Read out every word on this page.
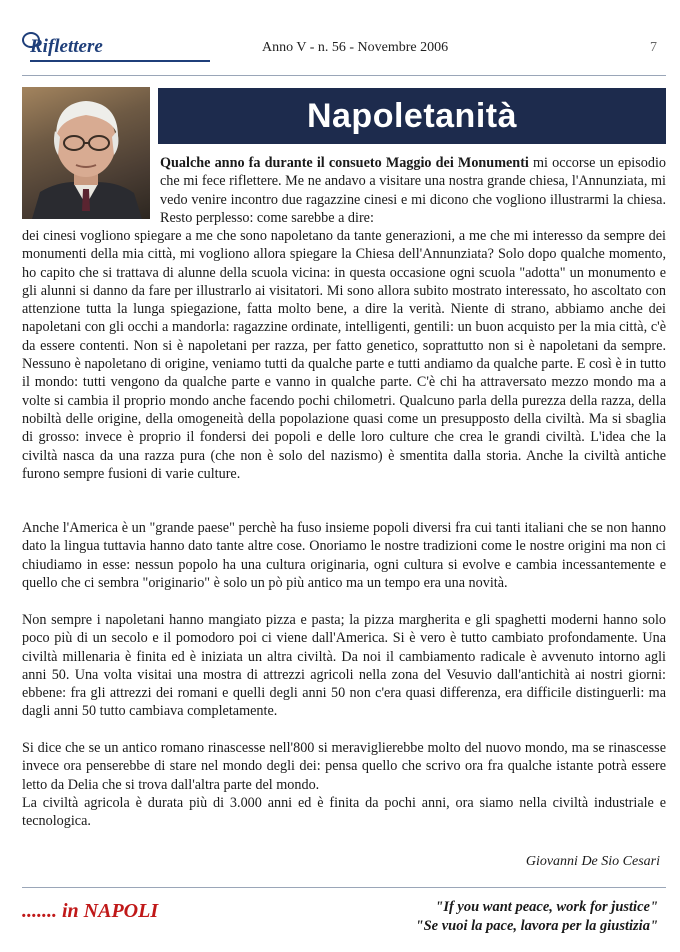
Riflettere	Anno V - n. 56 - Novembre 2006	7
Napoletanità

Qualche anno fa durante il consueto Maggio dei Monumenti mi occorse un episodio che mi fece riflettere. Me ne andavo a visitare una nostra grande chiesa, l'Annunziata, mi vedo venire incontro due ragazzine cinesi e mi dicono che vogliono illustrarmi la chiesa. Resto perplesso: come sarebbe a dire:

dei cinesi vogliono spiegare a me che sono napoletano da tante generazioni, a me che mi interesso da sempre dei monumenti della mia città, mi vogliono allora spiegare la Chiesa dell'Annunziata? Solo dopo qualche momento, ho capito che si trattava di alunne della scuola vicina: in questa occasione ogni scuola "adotta" un monumento e gli alunni si danno da fare per illustrarlo ai visitatori. Mi sono allora subito mostrato interessato, ho ascoltato con attenzione tutta la lunga spiegazione, fatta molto bene, a dire la verità. Niente di strano, abbiamo anche dei napoletani con gli occhi a mandorla: ragazzine ordinate, intelligenti, gentili: un buon acquisto per la mia città, c'è da essere contenti. Non si è napoletani per razza, per fatto genetico, soprattutto non si è napoletani da sempre. Nessuno è napoletano di origine, veniamo tutti da qualche parte e tutti andiamo da qualche parte. E così è in tutto il mondo: tutti vengono da qualche parte e vanno in qualche parte. C'è chi ha attraversato mezzo mondo ma a volte si cambia il proprio mondo anche facendo pochi chilometri. Qualcuno parla della purezza della razza, della nobiltà delle origine, della omogeneità della popolazione quasi come un presupposto della civiltà. Ma si sbaglia di grosso: invece è proprio il fondersi dei popoli e delle loro culture che crea le grandi civiltà. L'idea che la civiltà nasca da una razza pura (che non è solo del nazismo) è smentita dalla storia. Anche la civiltà antiche furono sempre fusioni di varie culture.

Anche l'America è un "grande paese" perchè ha fuso insieme popoli diversi fra cui tanti italiani che se non hanno dato la lingua tuttavia hanno dato tante altre cose. Onoriamo le nostre tradizioni come le nostre origini ma non ci chiudiamo in esse: nessun popolo ha una cultura originaria, ogni cultura si evolve e cambia incessantemente e quello che ci sembra "originario" è solo un pò più antico ma un tempo era una novità.

Non sempre i napoletani hanno mangiato pizza e pasta; la pizza margherita e gli spaghetti moderni hanno solo poco più di un secolo e il pomodoro poi ci viene dall'America. Si è vero è tutto cambiato profondamente. Una civiltà millenaria è finita ed è iniziata un altra civiltà. Da noi il cambiamento radicale è avvenuto intorno agli anni 50. Una volta visitai una mostra di attrezzi agricoli nella zona del Vesuvio dall'antichità ai nostri giorni: ebbene: fra gli attrezzi dei romani e quelli degli anni 50 non c'era quasi differenza, era difficile distinguerli: ma dagli anni 50 tutto cambiava completamente.

Si dice che se un antico romano rinascesse nell'800 si meraviglierebbe molto del nuovo mondo, ma se rinascesse invece ora penserebbe di stare nel mondo degli dei: pensa quello che scrivo ora fra qualche istante potrà essere letto da Delia che si trova dall'altra parte del mondo.

La civiltà agricola è durata più di 3.000 anni ed è finita da pochi anni, ora siamo nella civiltà industriale e tecnologica.

Giovanni De Sio Cesari
....... in NAPOLI	"If you want peace, work for justice"
"Se vuoi la pace, lavora per la giustizia"
